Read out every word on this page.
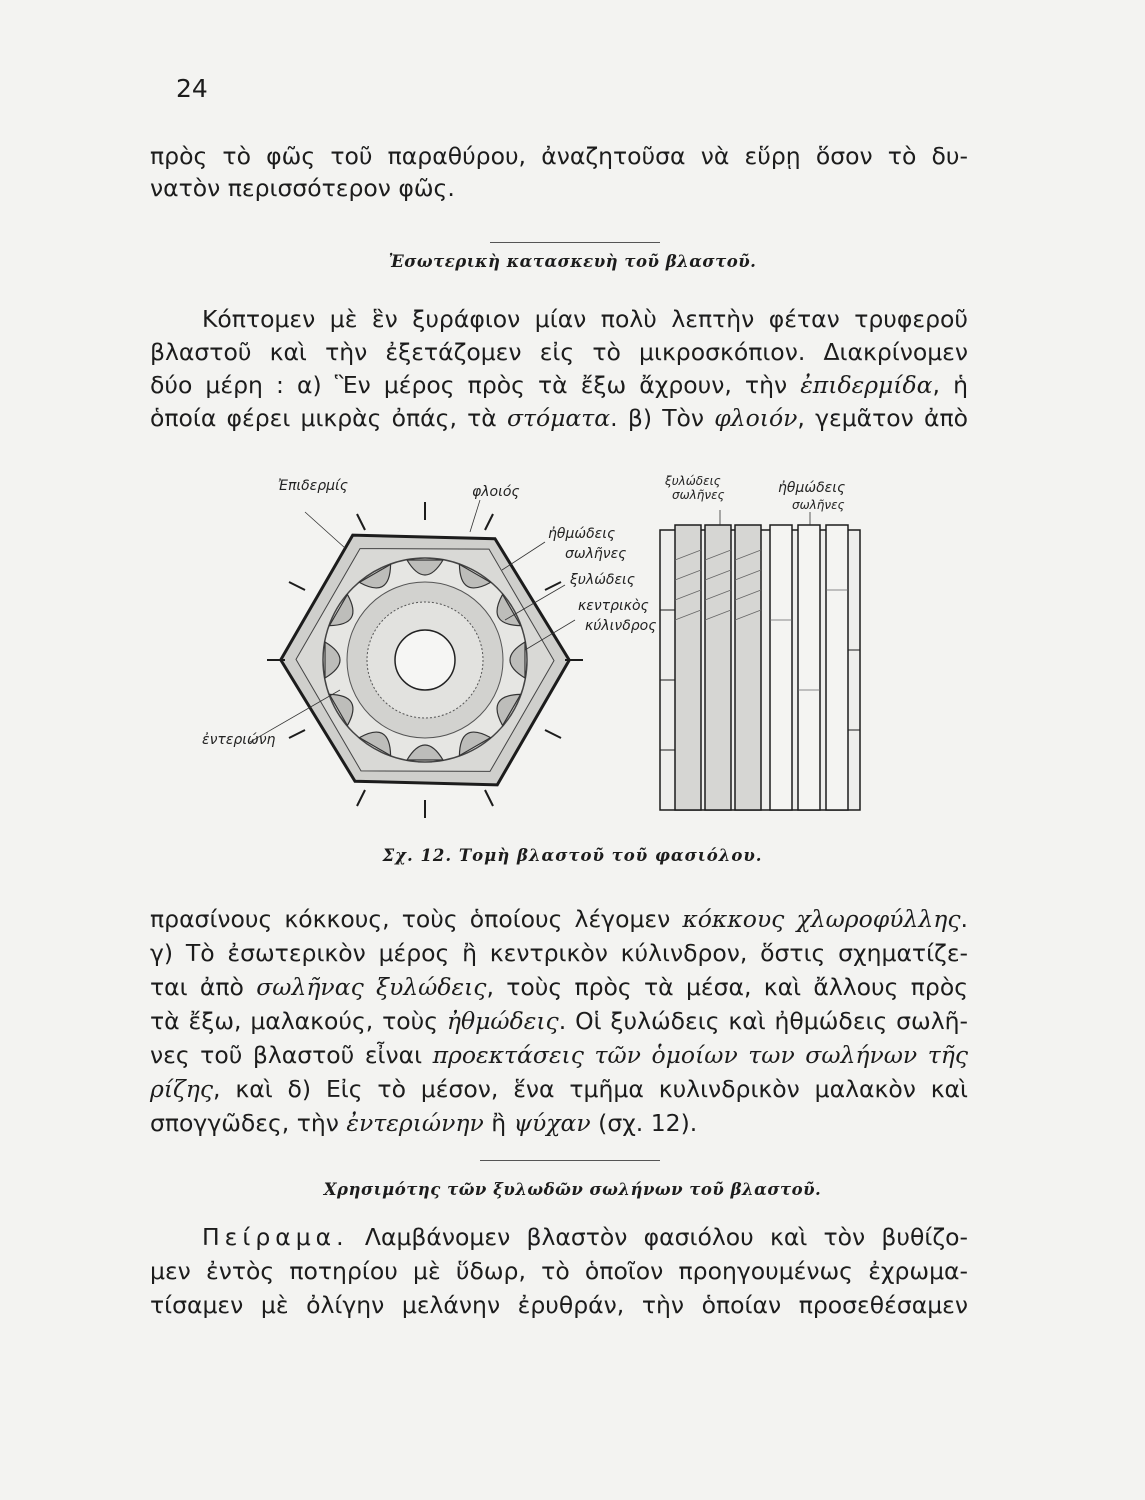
24
πρὸς τὸ φῶς τοῦ παραθύρου, ἀναζητοῦσα νὰ εὕρῃ ὅσον τὸ δυ-
νατὸν περισσότερον φῶς.
Ἐσωτερικὴ κατασκευὴ τοῦ βλαστοῦ.
Κόπτομεν μὲ ἓν ξυράφιον μίαν πολὺ λεπτὴν φέταν τρυφεροῦ
βλαστοῦ καὶ τὴν ἐξετάζομεν εἰς τὸ μικροσκόπιον. Διακρίνομεν
δύο μέρη : α) Ἓν μέρος πρὸς τὰ ἔξω ἄχρουν, τὴν ἐπιδερμίδα, ἡ
ὁποία φέρει μικρὰς ὀπάς, τὰ στόματα. β) Τὸν φλοιόν, γεμᾶτον ἀπὸ
Ἐπιδερμίς	φλοιός
ἠθμώδεις
σωλῆνες
ξυλώδεις
κεντρικὸς
κύλινδρος
ἐντεριώνη
ξυλώδεις
σωλῆνες	ἠθμώδεις
σωλῆνες
Σχ. 12. Τομὴ βλαστοῦ τοῦ φασιόλου.
πρασίνους κόκκους, τοὺς ὁποίους λέγομεν κόκκους χλωροφύλλης.
γ) Τὸ ἐσωτερικὸν μέρος ἢ κεντρικὸν κύλινδρον, ὅστις σχηματίζε-
ται ἀπὸ σωλῆνας ξυλώδεις, τοὺς πρὸς τὰ μέσα, καὶ ἄλλους πρὸς
τὰ ἔξω, μαλακούς, τοὺς ἠθμώδεις. Οἱ ξυλώδεις καὶ ἠθμώδεις σωλῆ-
νες τοῦ βλαστοῦ εἶναι προεκτάσεις τῶν ὁμοίων των σωλήνων τῆς
ρίζης, καὶ δ) Εἰς τὸ μέσον, ἕνα τμῆμα κυλινδρικὸν μαλακὸν καὶ
σπογγῶδες, τὴν ἐντεριώνην ἢ ψύχαν (σχ. 12).
Χρησιμότης τῶν ξυλωδῶν σωλήνων τοῦ βλαστοῦ.
Πείραμα. Λαμβάνομεν βλαστὸν φασιόλου καὶ τὸν βυθίζο-
μεν ἐντὸς ποτηρίου μὲ ὕδωρ, τὸ ὁποῖον προηγουμένως ἐχρωμα-
τίσαμεν μὲ ὀλίγην μελάνην ἐρυθράν, τὴν ὁποίαν προσεθέσαμεν
